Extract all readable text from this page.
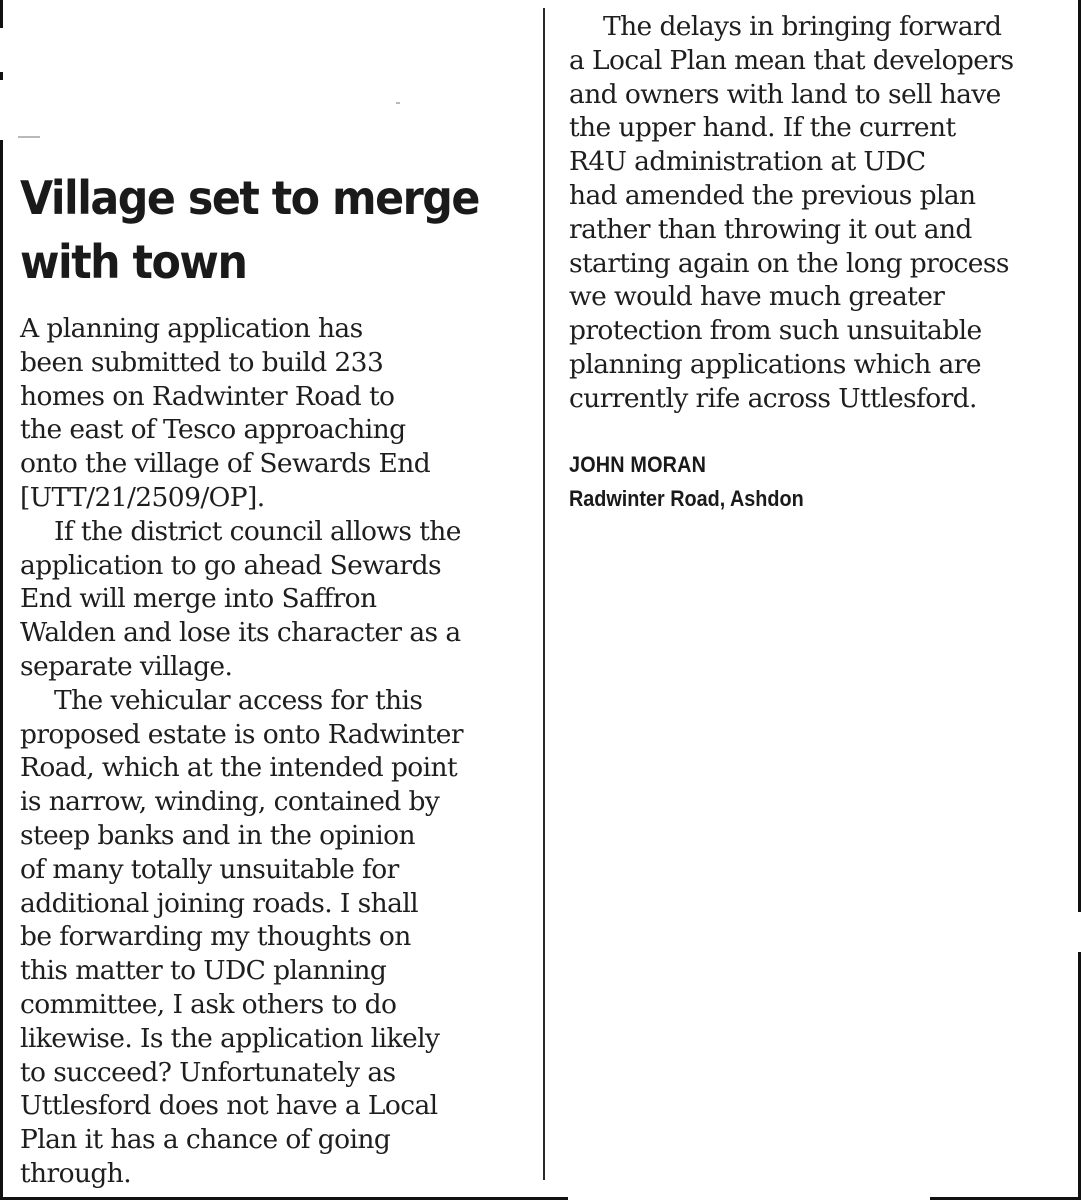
Village set to merge
with town

A planning application has

been submitted to build 233

homes on Radwinter Road to

the east of Tesco approaching

onto the village of Sewards End

[UTT/21/2509/OP].

If the district council allows the

application to go ahead Sewards

End will merge into Saffron

Walden and lose its character as a

separate village.

The vehicular access for this

proposed estate is onto Radwinter

Road, which at the intended point

is narrow, winding, contained by

steep banks and in the opinion

of many totally unsuitable for

additional joining roads. I shall

be forwarding my thoughts on

this matter to UDC planning

committee, I ask others to do

likewise. Is the application likely

to succeed? Unfortunately as

Uttlesford does not have a Local

Plan it has a chance of going

through.

The delays in bringing forward

a Local Plan mean that developers

and owners with land to sell have

the upper hand. If the current

R4U administration at UDC

had amended the previous plan

rather than throwing it out and

starting again on the long process

we would have much greater

protection from such unsuitable

planning applications which are

currently rife across Uttlesford.

JOHN MORAN

Radwinter Road, Ashdon
